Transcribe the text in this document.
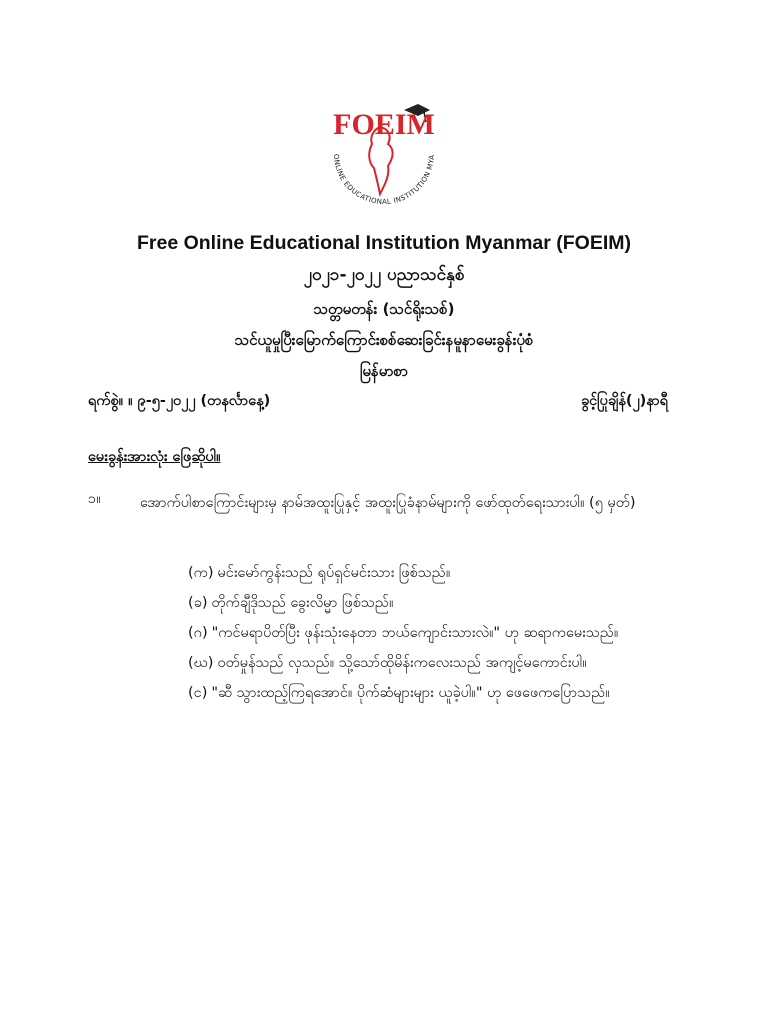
FOEIM
ONLINE EDUCATIONAL INSTITUTION MYA
Free Online Educational Institution Myanmar (FOEIM)
၂၀၂၁-၂၀၂၂ ပညာသင်နှစ်
သတ္တမတန်း (သင်ရိုးသစ်)
သင်ယူမှုပြီးမြောက်ကြောင်းစစ်ဆေးခြင်းနမူနာမေးခွန်းပုံစံ
မြန်မာစာ
ရက်စွဲ။ ။ ၉-၅-၂၀၂၂ (တနင်္လာနေ့)	ခွင့်ပြုချိန်(၂)နာရီ
မေးခွန်းအားလုံး ဖြေဆိုပါ။
၁။	အောက်ပါစာကြောင်းများမှ နာမ်အထူးပြုနှင့် အထူးပြုခံနာမ်များကို ဖော်ထုတ်ရေးသားပါ။ (၅ မှတ်)
(က) မင်းမော်ကွန်းသည် ရုပ်ရှင်မင်းသား ဖြစ်သည်။
(ခ) တိုက်ချီဒိုသည် ခွေးလိမ္မာ ဖြစ်သည်။
(ဂ) "ကင်မရာပိတ်ပြီး ဖုန်းသုံးနေတာ ဘယ်ကျောင်းသားလဲ။" ဟု ဆရာကမေးသည်။
(ဃ) ဝတ်မှုန်သည် လှသည်။ သို့သော်ထိုမိန်းကလေးသည် အကျင့်မကောင်းပါ။
(င) "ဆီ သွားထည့်ကြရအောင်။ ပိုက်ဆံများများ ယူခဲ့ပါ။" ဟု ဖေဖေကပြောသည်။
